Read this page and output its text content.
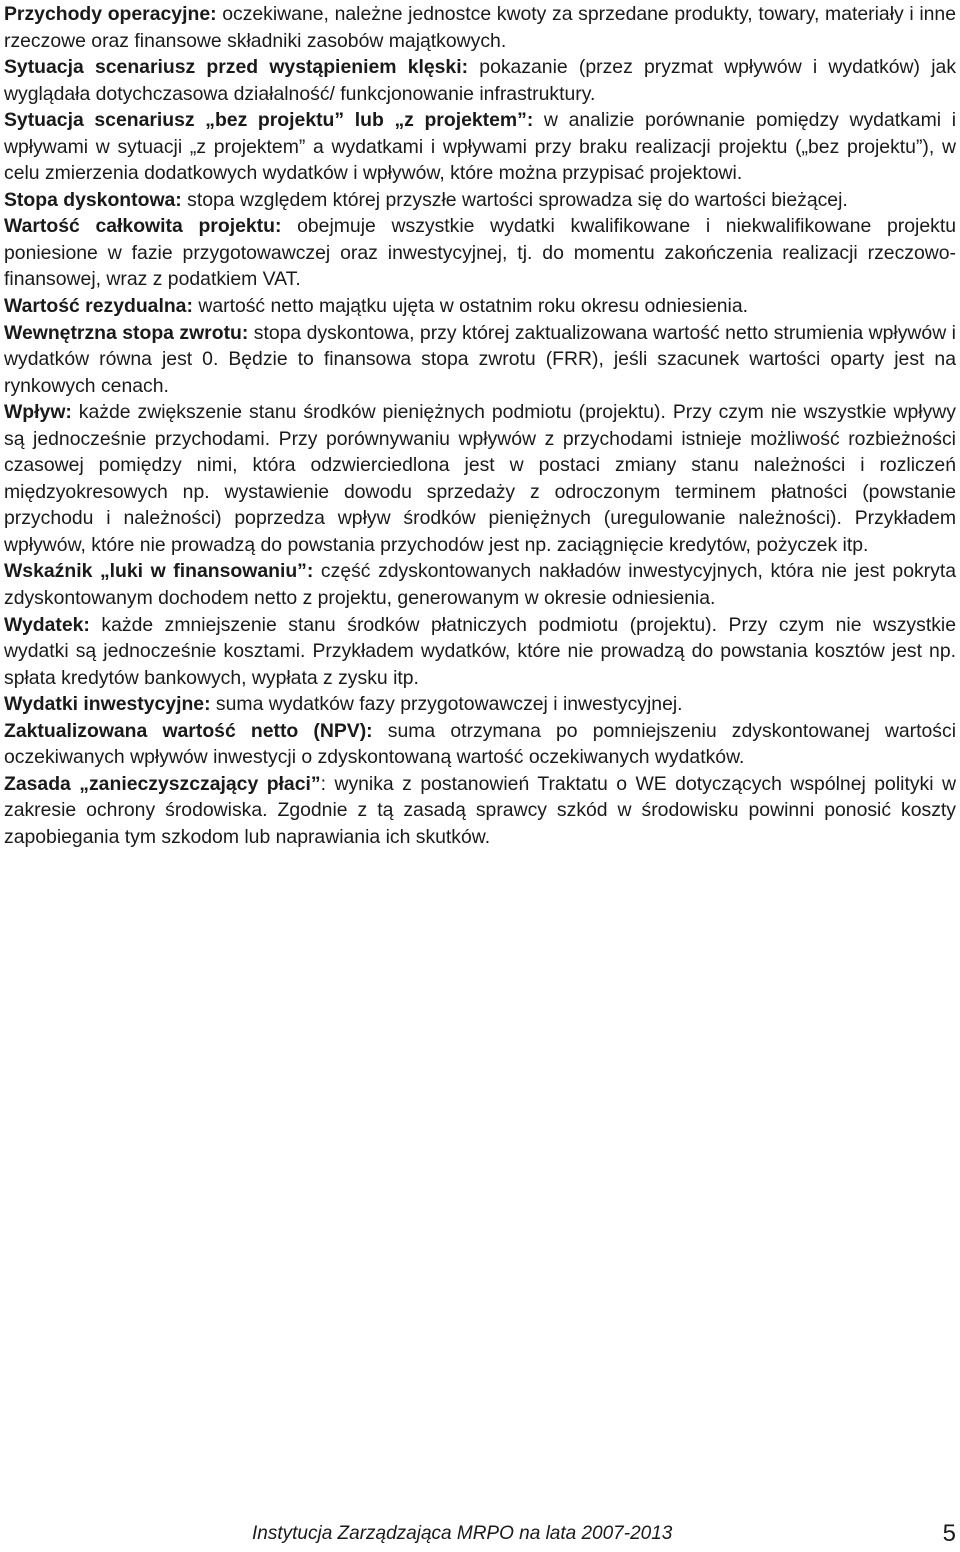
Przychody operacyjne: oczekiwane, należne jednostce kwoty za sprzedane produkty, towary, materiały i inne rzeczowe oraz finansowe składniki zasobów majątkowych.

Sytuacja scenariusz przed wystąpieniem klęski: pokazanie (przez pryzmat wpływów i wydatków) jak wyglądała dotychczasowa działalność/ funkcjonowanie infrastruktury.

Sytuacja scenariusz „bez projektu” lub „z projektem”: w analizie porównanie pomiędzy wydatkami i wpływami w sytuacji „z projektem” a wydatkami i wpływami przy braku realizacji projektu („bez projektu”), w celu zmierzenia dodatkowych wydatków i wpływów, które można przypisać projektowi.

Stopa dyskontowa: stopa względem której przyszłe wartości sprowadza się do wartości bieżącej.

Wartość całkowita projektu: obejmuje wszystkie wydatki kwalifikowane i niekwalifikowane projektu poniesione w fazie przygotowawczej oraz inwestycyjnej, tj. do momentu zakończenia realizacji rzeczowo-finansowej, wraz z podatkiem VAT.

Wartość rezydualna: wartość netto majątku ujęta w ostatnim roku okresu odniesienia.

Wewnętrzna stopa zwrotu: stopa dyskontowa, przy której zaktualizowana wartość netto strumienia wpływów i wydatków równa jest 0. Będzie to finansowa stopa zwrotu (FRR), jeśli szacunek wartości oparty jest na rynkowych cenach.

Wpływ: każde zwiększenie stanu środków pieniężnych podmiotu (projektu). Przy czym nie wszystkie wpływy są jednocześnie przychodami. Przy porównywaniu wpływów z przychodami istnieje możliwość rozbieżności czasowej pomiędzy nimi, która odzwierciedlona jest w postaci zmiany stanu należności i rozliczeń międzyokresowych np. wystawienie dowodu sprzedaży z odroczonym terminem płatności (powstanie przychodu i należności) poprzedza wpływ środków pieniężnych (uregulowanie należności). Przykładem wpływów, które nie prowadzą do powstania przychodów jest np. zaciągnięcie kredytów, pożyczek itp.

Wskaźnik „luki w finansowaniu”: część zdyskontowanych nakładów inwestycyjnych, która nie jest pokryta zdyskontowanym dochodem netto z projektu, generowanym w okresie odniesienia.

Wydatek: każde zmniejszenie stanu środków płatniczych podmiotu (projektu). Przy czym nie wszystkie wydatki są jednocześnie kosztami. Przykładem wydatków, które nie prowadzą do powstania kosztów jest np. spłata kredytów bankowych, wypłata z zysku itp.

Wydatki inwestycyjne: suma wydatków fazy przygotowawczej i inwestycyjnej.

Zaktualizowana wartość netto (NPV): suma otrzymana po pomniejszeniu zdyskontowanej wartości oczekiwanych wpływów inwestycji o zdyskontowaną wartość oczekiwanych wydatków.

Zasada „zanieczyszczający płaci”: wynika z postanowień Traktatu o WE dotyczących wspólnej polityki w zakresie ochrony środowiska. Zgodnie z tą zasadą sprawcy szkód w środowisku powinni ponosić koszty zapobiegania tym szkodom lub naprawiania ich skutków.

Instytucja Zarządzająca MRPO na lata 2007-2013	5
